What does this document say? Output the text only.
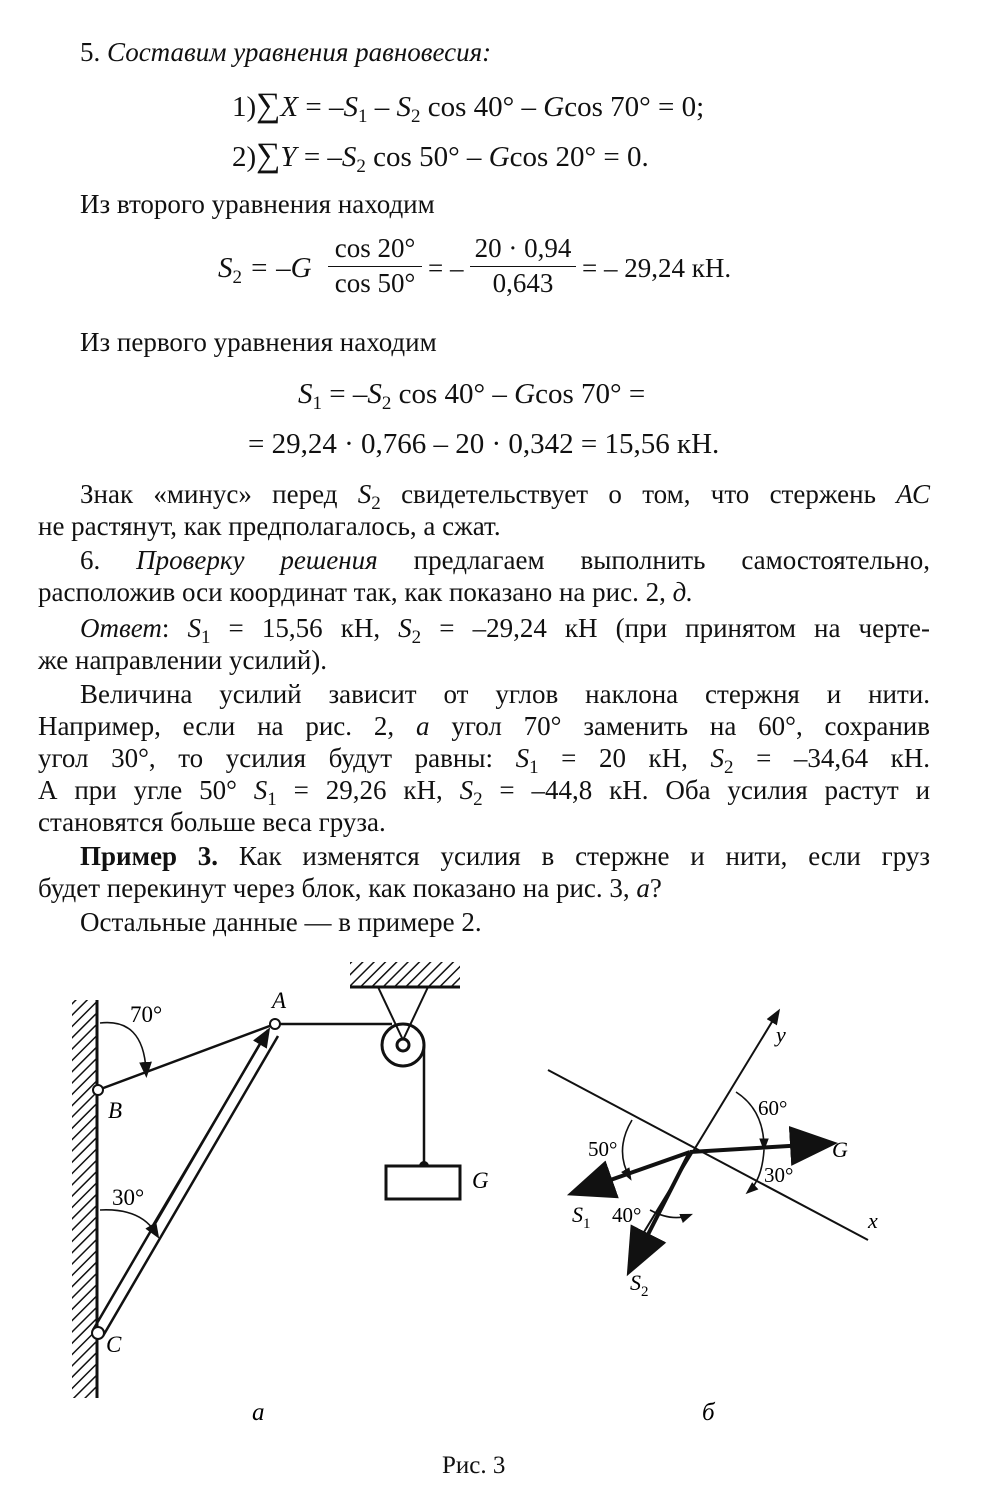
5. Составим уравнения равновесия:
$1)\sum X = -S_1 - S_2$ cos 40° – Gcos 70° = 0;
$2)\sum Y = -S_2$ cos 50° – Gcos 20° = 0.
Из второго уравнения находим
$S_2 = -G$
cos 20°
cos 50° = –
20 · 0,94
0,643	= – 29,24 кН.
Из первого уравнения находим
$S_1 = -S_2$ cos 40° – Gcos 70° =
= 29,24 · 0,766 – 20 · 0,342 = 15,56 кН.
Знак «минус» перед $S_2$ свидетельствует о том, что стержень АС
не растянут, как предполагалось, а сжат.
6. Проверку решения предлагаем выполнить самостоятельно,
расположив оси координат так, как показано на рис. 2, д.
Ответ: $S_1 = 15,56$ кН, $S_2 = -29,24$ кН (при принятом на черте-
же направлении усилий).
Величина усилий зависит от углов наклона стержня и нити.
Например, если на рис. 2, а угол 70° заменить на 60°, сохранив
угол 30°, то усилия будут равны: $S_1 = 20$ кН, $S_2 = -34,64$ кН.
А при угле 50° $S_1 = 29,26$ кН, $S_2 = -44,8$ кН. Оба усилия растут и
становятся больше веса груза.
Пример 3. Как изменятся усилия в стержне и нити, если груз
будет перекинут через блок, как показано на рис. 3, а?
Остальные данные — в примере 2.
70°
30°
A
B
C
G
а
y
x
60°
50°
30°
40°
G
$S_1$
$S_2$
б
Рис. 3
